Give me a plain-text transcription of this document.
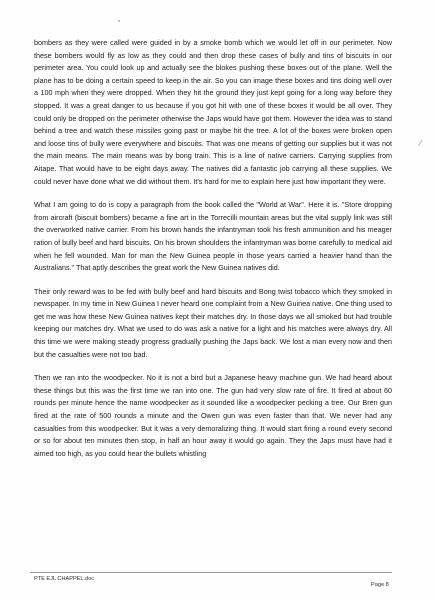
bombers as they were called were guided in by a smoke bomb which we would let off in our perimeter. Now these bombers would fly as low as they could and then drop these cases of bully and tins of biscuits in our perimeter area. You could look up and actually see the blokes pushing these boxes out of the plane. Well the plane has to be doing a certain speed to keep in the air. So you can image these boxes and tins doing well over a 100 mph when they were dropped. When they hit the ground they just kept going for a long way before they stopped. It was a great danger to us because if you got hit with one of these boxes it would be all over. They could only be dropped on the perimeter otherwise the Japs would have got them. However the idea was to stand behind a tree and watch these missiles going past or maybe hit the tree. A lot of the boxes were broken open and loose tins of bully were everywhere and biscuits. That was one means of getting our supplies but it was not the main means. The main means was by bong train. This is a line of native carriers. Carrying supplies from Aitape. That would have to be eight days away. The natives did a fantastic job carrying all these supplies. We could never have done what we did without them. It's hard for me to explain here just how important they were.

What I am going to do is copy a paragraph from the book called the "World at War". Here it is. "Store dropping from aircraft (biscuit bombers) became a fine art in the Torrecilli mountain areas but the vital supply link was still the overworked native carrier. From his brown hands the infantryman took his fresh ammunition and his meager ration of bully beef and hard biscuits. On his brown shoulders the infantryman was borne carefully to medical aid when he fell wounded. Man for man the New Guinea people in those years carried a heavier hand than the Australians." That aptly describes the great work the New Guinea natives did.

Their only reward was to be fed with bully beef and hard biscuits and Bong twist tobacco which they smoked in newspaper. In my time in New Guinea I never heard one complaint from a New Guinea native. One thing used to get me was how these New Guinea natives kept their matches dry. In those days we all smoked but had trouble keeping our matches dry. What we used to do was ask a native for a light and his matches were always dry. All this time we were making steady progress gradually pushing the Japs back. We lost a man every now and then but the casualties were not too bad.

Then we ran into the woodpecker. No it is not a bird but a Japanese heavy machine gun. We had heard about these things but this was the first time we ran into one. The gun had very slow rate of fire. It fired at about 60 rounds per minute hence the name woodpecker as it sounded like a woodpecker pecking a tree. Our Bren gun fired at the rate of 500 rounds a minute and the Owen gun was even faster than that. We never had any casualties from this woodpecker. But it was a very demoralizing thing. It would start firing a round every second or so for about ten minutes then stop, in half an hour away it would go again. They the Japs must have had it aimed too high, as you could hear the bullets whistling

/
PTE EJL CHAPPEL.doc
Page 8
